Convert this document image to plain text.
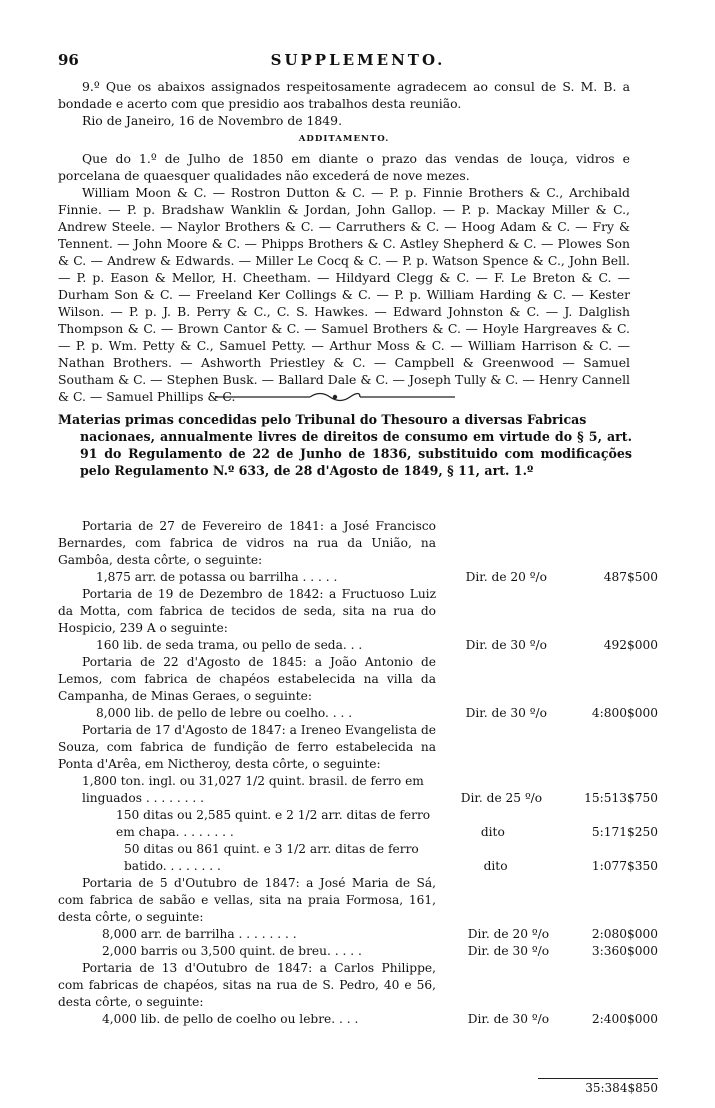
96	SUPPLEMENTO.

9.º Que os abaixos assignados respeitosamente agradecem ao consul de S. M. B. a bondade e acerto com que presidio aos trabalhos desta reunião.

Rio de Janeiro, 16 de Novembro de 1849.

ADDITAMENTO.

Que do 1.º de Julho de 1850 em diante o prazo das vendas de louça, vidros e porcelana de quaesquer qualidades não excederá de nove mezes.

William Moon & C. — Rostron Dutton & C. — P. p. Finnie Brothers & C., Archibald Finnie. — P. p. Bradshaw Wanklin & Jordan, John Gallop. — P. p. Mackay Miller & C., Andrew Steele. — Naylor Brothers & C. — Carruthers & C. — Hoog Adam & C. — Fry & Tennent. — John Moore & C. — Phipps Brothers & C. Astley Shepherd & C. — Plowes Son & C. — Andrew & Edwards. — Miller Le Cocq & C. — P. p. Watson Spence & C., John Bell. — P. p. Eason & Mellor, H. Cheetham. — Hildyard Clegg & C. — F. Le Breton & C. — Durham Son & C. — Freeland Ker Collings & C. — P. p. William Harding & C. — Kester Wilson. — P. p. J. B. Perry & C., C. S. Hawkes. — Edward Johnston & C. — J. Dalglish Thompson & C. — Brown Cantor & C. — Samuel Brothers & C. — Hoyle Hargreaves & C. — P. p. Wm. Petty & C., Samuel Petty. — Arthur Moss & C. — William Harrison & C. — Nathan Brothers. — Ashworth Priestley & C. — Campbell & Greenwood — Samuel Southam & C. — Stephen Busk. — Ballard Dale & C. — Joseph Tully & C. — Henry Cannell & C. — Samuel Phillips & C.

Materias primas concedidas pelo Tribunal do Thesouro a diversas Fabricas

nacionaes, annualmente livres de direitos de consumo em virtude do § 5, art. 91 do Regulamento de 22 de Junho de 1836, substituido com modificações pelo Regulamento N.º 633, de 28 d'Agosto de 1849, § 11, art. 1.º

Portaria de 27 de Fevereiro de 1841: a José Francisco Bernardes, com fabrica de vidros na rua da União, na Gambôa, desta côrte, o seguinte:

1,875 arr. de potassa ou barrilha . . . . .	Dir. de 20 º/o	487$500

Portaria de 19 de Dezembro de 1842: a Fructuoso Luiz da Motta, com fabrica de tecidos de seda, sita na rua do Hospicio, 239 A o seguinte:

160 lib. de seda trama, ou pello de seda. . .	Dir. de 30 º/o	492$000

Portaria de 22 d'Agosto de 1845: a João Antonio de Lemos, com fabrica de chapéos estabelecida na villa da Campanha, de Minas Geraes, o seguinte:

8,000 lib. de pello de lebre ou coelho. . . .	Dir. de 30 º/o	4:800$000

Portaria de 17 d'Agosto de 1847: a Ireneo Evangelista de Souza, com fabrica de fundição de ferro estabelecida na Ponta d'Arêa, em Nictheroy, desta côrte, o seguinte:

1,800 ton. ingl. ou 31,027 1/2 quint. brasil. de ferro em linguados . . . . . . . .	Dir. de 25 º/o	15:513$750
150 ditas ou 2,585 quint. e 2 1/2 arr. ditas de ferro em chapa. . . . . . . .	dito	5:171$250
50 ditas ou 861 quint. e 3 1/2 arr. ditas de ferro batido. . . . . . . .	dito	1:077$350

Portaria de 5 d'Outubro de 1847: a José Maria de Sá, com fabrica de sabão e vellas, sita na praia Formosa, 161, desta côrte, o seguinte:

8,000 arr. de barrilha . . . . . . . .	Dir. de 20 º/o	2:080$000
2,000 barris ou 3,500 quint. de breu. . . . .	Dir. de 30 º/o	3:360$000

Portaria de 13 d'Outubro de 1847: a Carlos Philippe, com fabricas de chapéos, sitas na rua de S. Pedro, 40 e 56, desta côrte, o seguinte:

4,000 lib. de pello de coelho ou lebre. . . .	Dir. de 30 º/o	2:400$000
35:384$850
